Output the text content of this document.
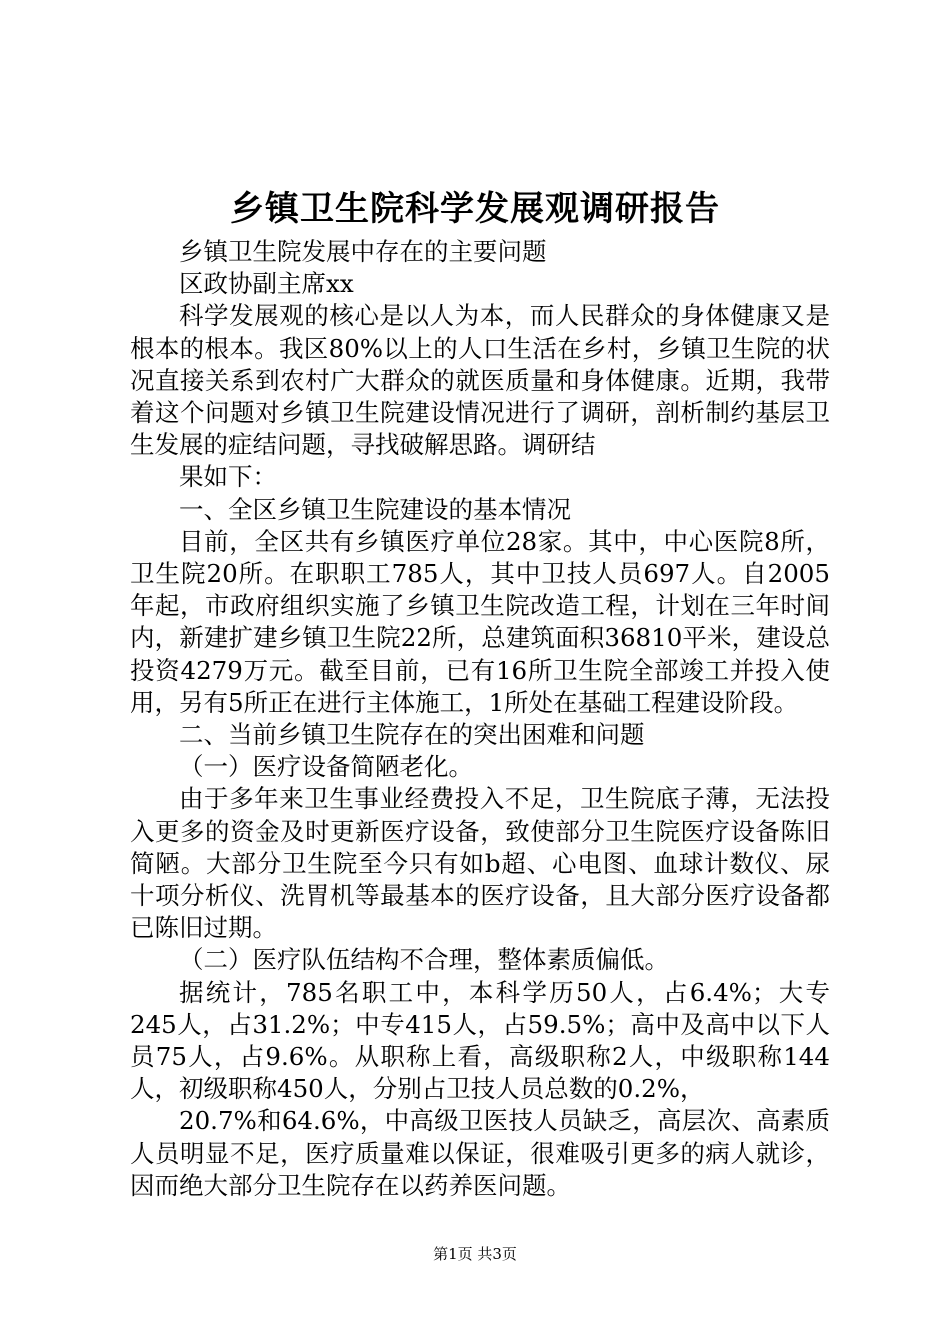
乡镇卫生院科学发展观调研报告

乡镇卫生院发展中存在的主要问题

区政协副主席xx

科学发展观的核心是以人为本，而人民群众的身体健康又是根本的根本。我区80%以上的人口生活在乡村，乡镇卫生院的状况直接关系到农村广大群众的就医质量和身体健康。近期，我带着这个问题对乡镇卫生院建设情况进行了调研，剖析制约基层卫生发展的症结问题，寻找破解思路。调研结

果如下：

一、全区乡镇卫生院建设的基本情况

目前，全区共有乡镇医疗单位28家。其中，中心医院8所，卫生院20所。在职职工785人，其中卫技人员697人。自2005年起，市政府组织实施了乡镇卫生院改造工程，计划在三年时间内，新建扩建乡镇卫生院22所，总建筑面积36810平米，建设总投资4279万元。截至目前，已有16所卫生院全部竣工并投入使用，另有5所正在进行主体施工，1所处在基础工程建设阶段。

二、当前乡镇卫生院存在的突出困难和问题

（一）医疗设备简陋老化。

由于多年来卫生事业经费投入不足，卫生院底子薄，无法投入更多的资金及时更新医疗设备，致使部分卫生院医疗设备陈旧简陋。大部分卫生院至今只有如b超、心电图、血球计数仪、尿十项分析仪、洗胃机等最基本的医疗设备，且大部分医疗设备都已陈旧过期。

（二）医疗队伍结构不合理，整体素质偏低。

据统计，785名职工中，本科学历50人，占6.4%；大专245人，占31.2%；中专415人，占59.5%；高中及高中以下人员75人，占9.6%。从职称上看，高级职称2人，中级职称144人，初级职称450人，分别占卫技人员总数的0.2%，

20.7%和64.6%，中高级卫医技人员缺乏，高层次、高素质人员明显不足，医疗质量难以保证，很难吸引更多的病人就诊，因而绝大部分卫生院存在以药养医问题。

第1页 共3页
